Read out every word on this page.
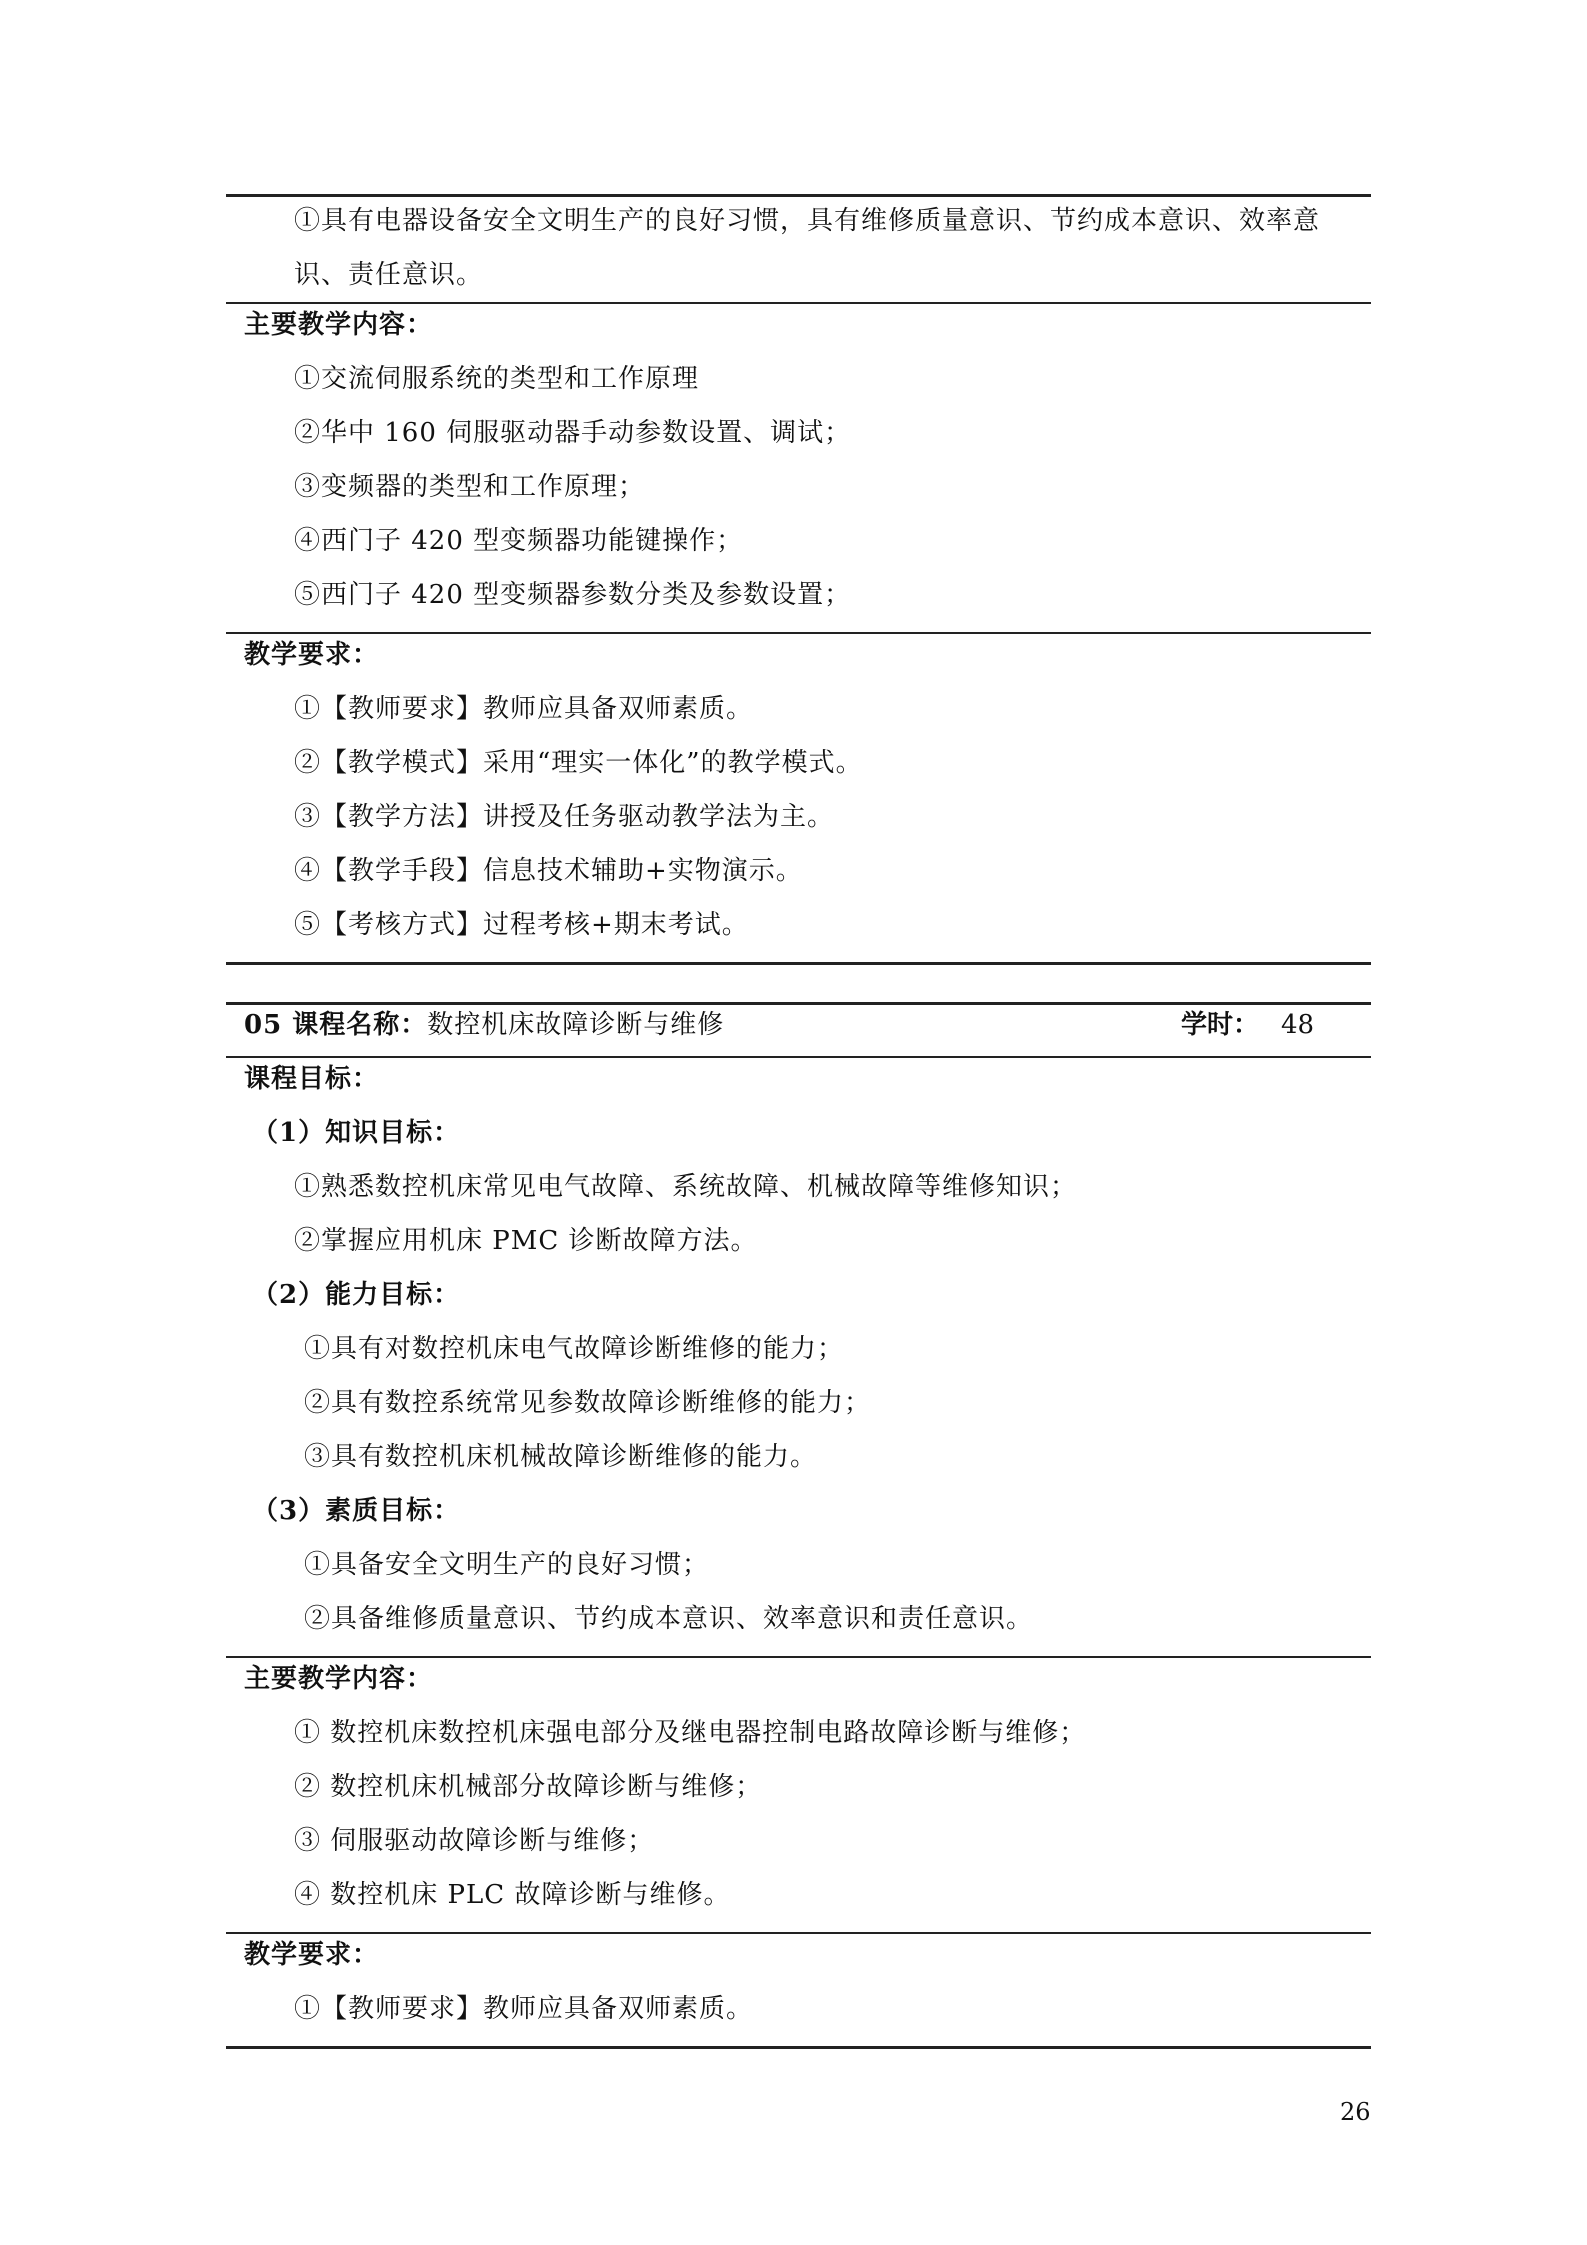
①具有电器设备安全文明生产的良好习惯，具有维修质量意识、节约成本意识、效率意识、责任意识。
主要教学内容：
①交流伺服系统的类型和工作原理
②华中 160 伺服驱动器手动参数设置、调试；
③变频器的类型和工作原理；
④西门子 420 型变频器功能键操作；
⑤西门子 420 型变频器参数分类及参数设置；
教学要求：
①【教师要求】教师应具备双师素质。
②【教学模式】采用“理实一体化”的教学模式。
③【教学方法】讲授及任务驱动教学法为主。
④【教学手段】信息技术辅助+实物演示。
⑤【考核方式】过程考核+期末考试。
05 课程名称：数控机床故障诊断与维修	学时： 48
课程目标：
（1）知识目标：
①熟悉数控机床常见电气故障、系统故障、机械故障等维修知识；
②掌握应用机床 PMC 诊断故障方法。
（2）能力目标：
①具有对数控机床电气故障诊断维修的能力；
②具有数控系统常见参数故障诊断维修的能力；
③具有数控机床机械故障诊断维修的能力。
（3）素质目标：
①具备安全文明生产的良好习惯；
②具备维修质量意识、节约成本意识、效率意识和责任意识。
主要教学内容：
① 数控机床数控机床强电部分及继电器控制电路故障诊断与维修；
② 数控机床机械部分故障诊断与维修；
③ 伺服驱动故障诊断与维修；
④ 数控机床 PLC 故障诊断与维修。
教学要求：
①【教师要求】教师应具备双师素质。
26
